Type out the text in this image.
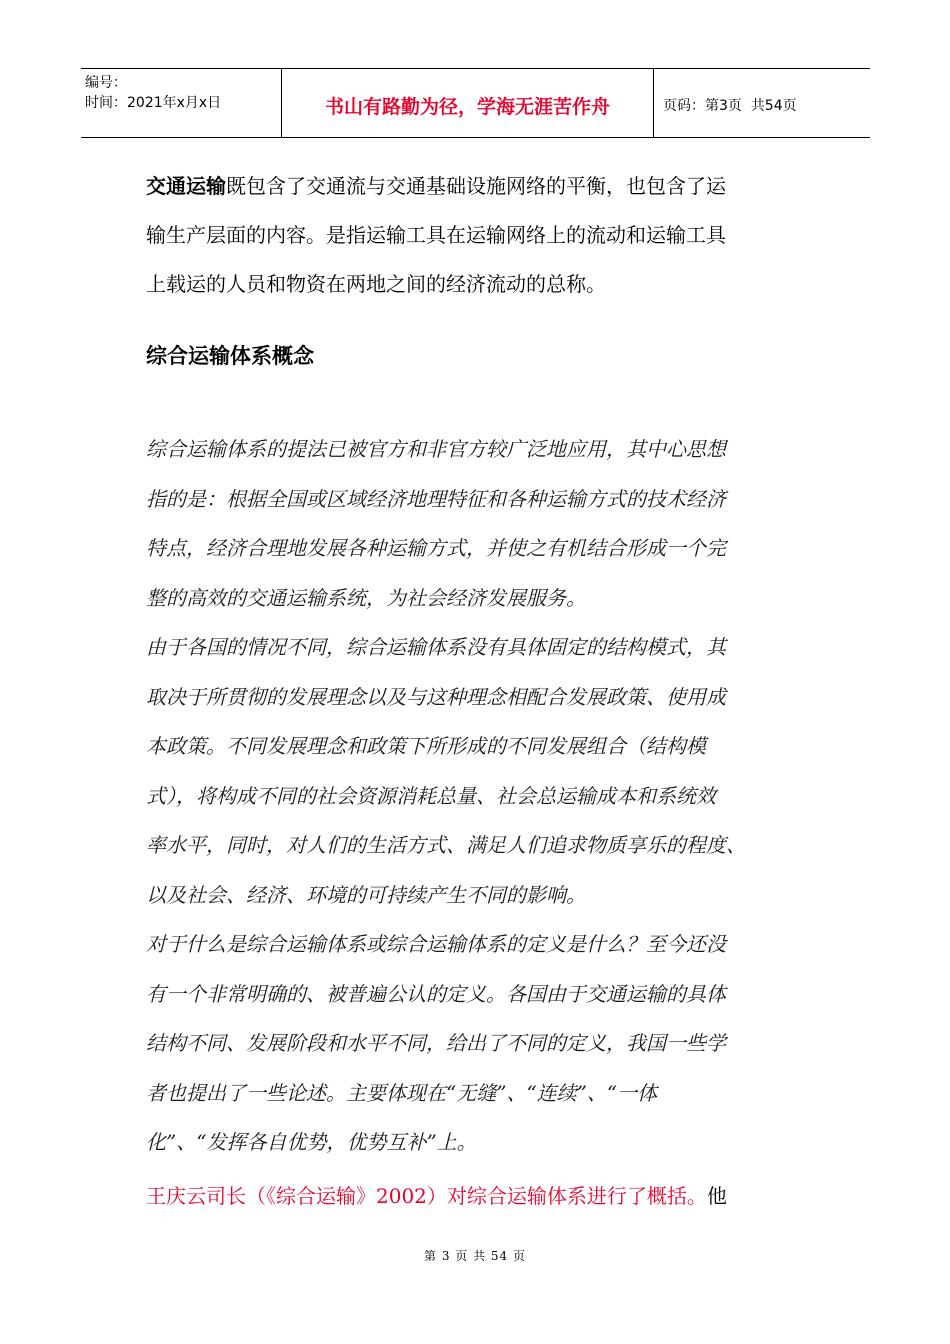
编号：
时间：2021年x月x日	书山有路勤为径，学海无涯苦作舟	页码：第3页  共54页

交通运输既包含了交通流与交通基础设施网络的平衡，也包含了运

输生产层面的内容。是指运输工具在运输网络上的流动和运输工具

上载运的人员和物资在两地之间的经济流动的总称。

综合运输体系概念

综合运输体系的提法已被官方和非官方较广泛地应用，其中心思想

指的是：根据全国或区域经济地理特征和各种运输方式的技术经济

特点，经济合理地发展各种运输方式，并使之有机结合形成一个完

整的高效的交通运输系统，为社会经济发展服务。

由于各国的情况不同，综合运输体系没有具体固定的结构模式，其

取决于所贯彻的发展理念以及与这种理念相配合发展政策、使用成

本政策。不同发展理念和政策下所形成的不同发展组合（结构模

式），将构成不同的社会资源消耗总量、社会总运输成本和系统效

率水平，同时，对人们的生活方式、满足人们追求物质享乐的程度、

以及社会、经济、环境的可持续产生不同的影响。

对于什么是综合运输体系或综合运输体系的定义是什么？至今还没

有一个非常明确的、被普遍公认的定义。各国由于交通运输的具体

结构不同、发展阶段和水平不同，给出了不同的定义，我国一些学

者也提出了一些论述。主要体现在“无缝”、“连续”、“一体

化”、“发挥各自优势，优势互补”上。

王庆云司长（《综合运输》2002）对综合运输体系进行了概括。他

第 3 页 共 54 页
